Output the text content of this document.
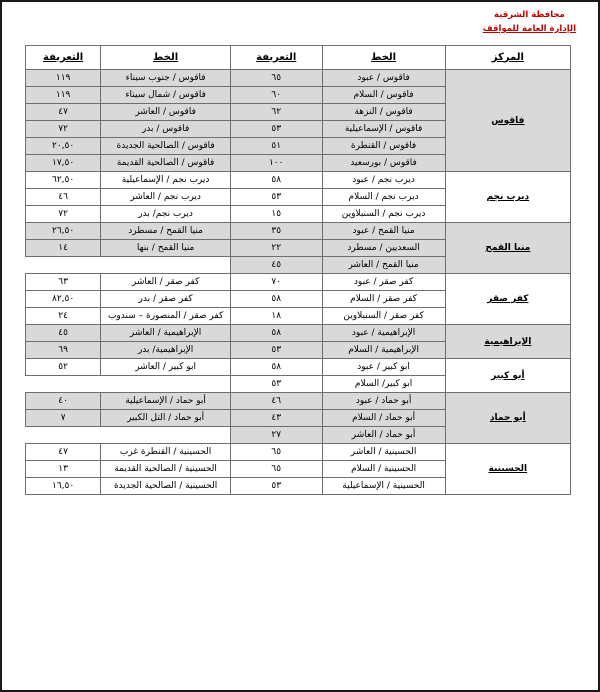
محافظة الشرقية
الإدارة العامة للمواقف
المركز	الخط	التعريفة	الخط	التعريفة
فاقوس	فاقوس / عبود	٦٥	فاقوس / جنوب سيناء	١١٩
	فاقوس / السلام	٦٠	فاقوس / شمال سيناء	١١٩
	فاقوس / النزهة	٦٢	فاقوس / العاشر	٤٧
	فاقوس / الإسماعيلية	٥٣	فاقوس / بدر	٧٢
	فاقوس / القنطرة	٥١	فاقوس / الصالحية الجديدة	٢٠,٥٠
	فاقوس / بورسعيد	١٠٠	فاقوس / الصالحية القديمة	١٧,٥٠
ديرب نجم	ديرب نجم / عبود	٥٨	ديرب نجم / الإسماعيلية	٦٢,٥٠
	ديرب نجم / السلام	٥٣	ديرب نجم / العاشر	٤٦
	ديرب نجم / السنبلاوين	١٥	ديرب نجم/ بدر	٧٢
منيا القمح	منيا القمح / عبود	٣٥	منيا القمح / مسطرد	٢٦,٥٠
	السعديين / مسطرد	٢٢	منيا القمح / بنها	١٤
	منيا القمح / العاشر	٤٥		
كفر صقر	كفر صقر / عبود	٧٠	كفر صقر / العاشر	٦٣
	كفر صقر / السلام	٥٨	كفر صقر / بدر	٨٢,٥٠
	كفر صقر / السنبلاوين	١٨	كفر صقر / المنصورة – سندوب	٢٤
الإبراهيمية	الإبراهيمية / عبود	٥٨	الإبراهيمية / العاشر	٤٥
	الإبراهيمية / السلام	٥٣	الإبراهيمية/ بدر	٦٩
أبو كبير	ابو كبير / عبود	٥٨	ابو كبير / العاشر	٥٢
	ابو كبير/ السلام	٥٣		
أبو حماد	أبو حماد / عبود	٤٦	أبو حماد / الإسماعيلية	٤٠
	أبو حماد / السلام	٤٣	أبو حماد / التل الكبير	٧
	أبو حماد / العاشر	٢٧		
الحسينية	الحسينية / العاشر	٦٥	الحسينية / القنطرة غرب	٤٧
	الحسينية / السلام	٦٥	الحسينية / الصالحية القديمة	١٣
	الحسينية / الإسماعيلية	٥٣	الحسينية / الصالحية الجديدة	١٦,٥٠
